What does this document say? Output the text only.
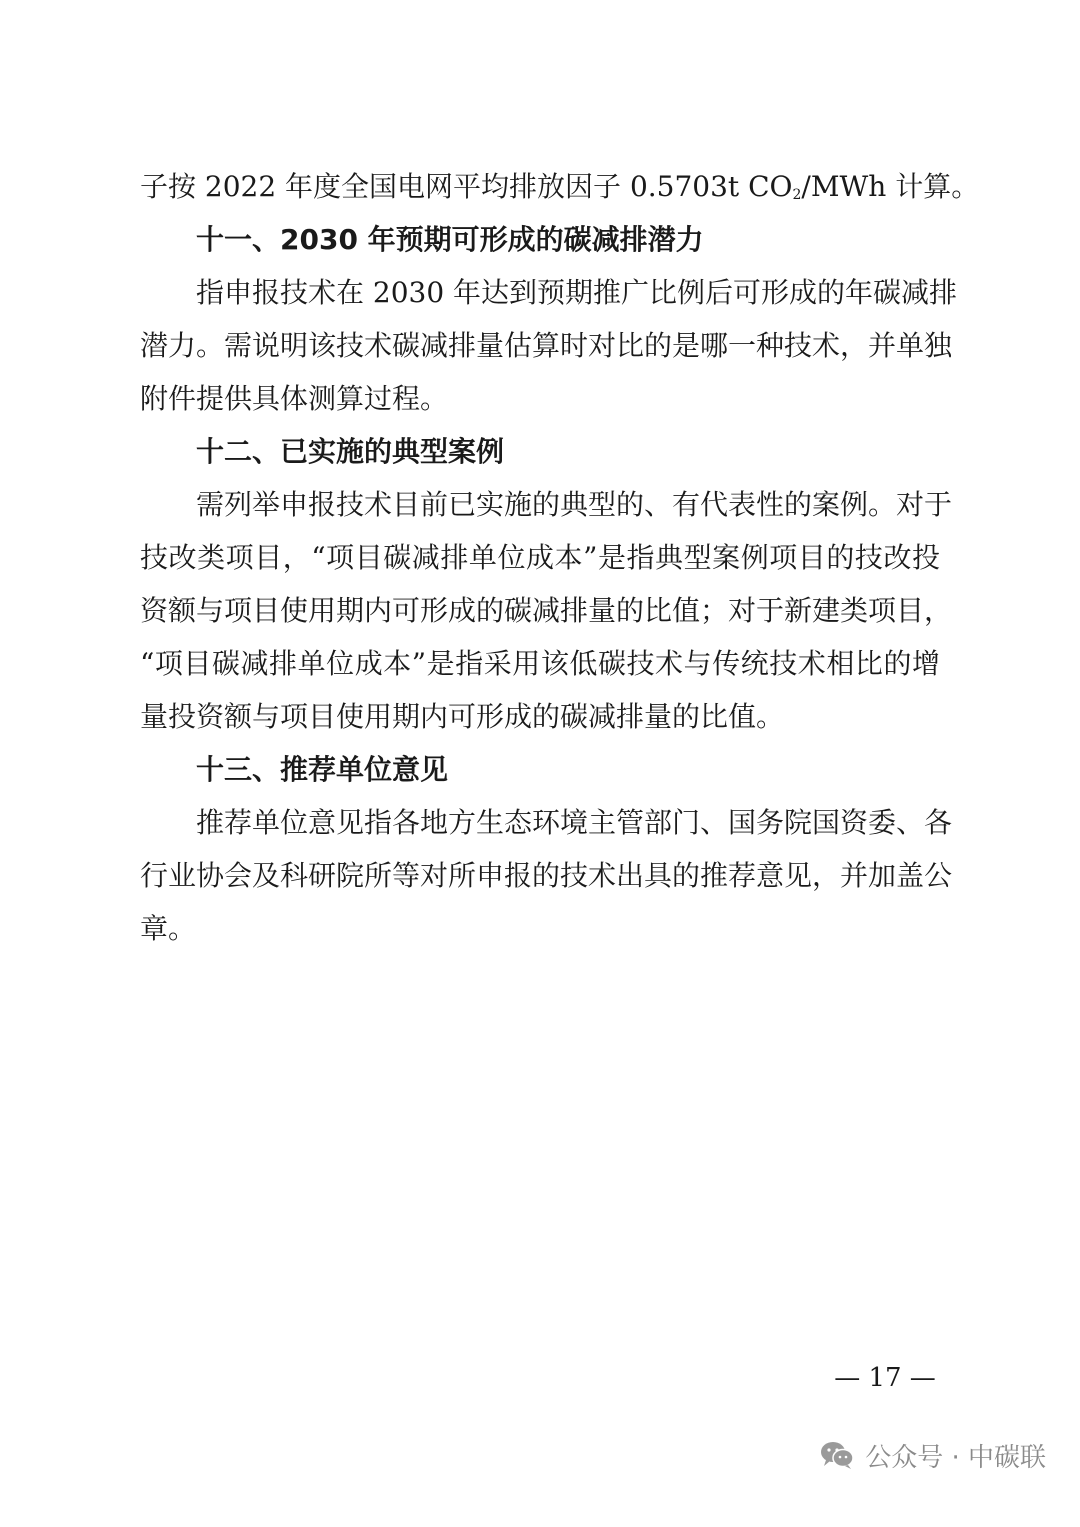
子按 2022 年度全国电网平均排放因子 0.5703t $CO_2$/MWh 计算。
十一、2030 年预期可形成的碳减排潜力
指申报技术在 2030 年达到预期推广比例后可形成的年碳减排
潜力。需说明该技术碳减排量估算时对比的是哪一种技术，并单独
附件提供具体测算过程。
十二、已实施的典型案例
需列举申报技术目前已实施的典型的、有代表性的案例。对于
技改类项目，“项目碳减排单位成本”是指典型案例项目的技改投
资额与项目使用期内可形成的碳减排量的比值；对于新建类项目，
“项目碳减排单位成本”是指采用该低碳技术与传统技术相比的增
量投资额与项目使用期内可形成的碳减排量的比值。
十三、推荐单位意见
推荐单位意见指各地方生态环境主管部门、国务院国资委、各
行业协会及科研院所等对所申报的技术出具的推荐意见，并加盖公
章。
— 17 —
公众号 · 中碳联
